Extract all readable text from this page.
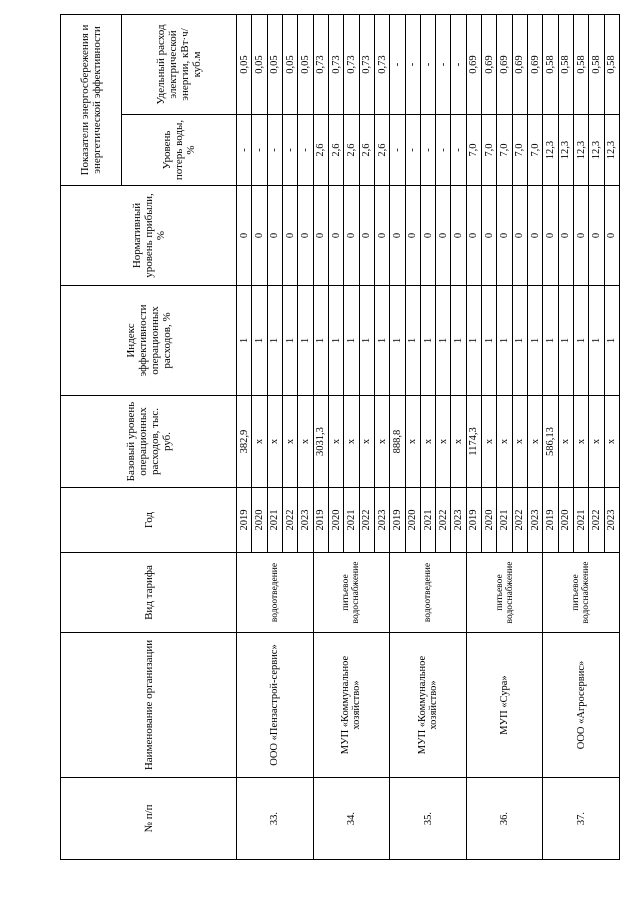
№ п/п	Наименование организации	Вид тарифа	Год	Базовый уровень операционных расходов, тыс. руб.	Индекс эффективности операционных расходов, %	Нормативный уровень прибыли, %	Показатели энергосбережения и энергетической эффективности	
							Уровень потерь воды, %	Удельный расход электрической энергии, кВт·ч/куб.м
33.	ООО «Пензастрой-сервис»	водоотведение	2019	382,9	1	0	-	0,05
			2020	x	1	0	-	0,05
			2021	x	1	0	-	0,05
			2022	x	1	0	-	0,05
			2023	x	1	0	-	0,05
34.	МУП «Коммунальное хозяйство»	питьевое водоснабжение	2019	3031,3	1	0	2,6	0,73
			2020	x	1	0	2,6	0,73
			2021	x	1	0	2,6	0,73
			2022	x	1	0	2,6	0,73
			2023	x	1	0	2,6	0,73
35.	МУП «Коммунальное хозяйство»	водоотведение	2019	888,8	1	0	-	-
			2020	x	1	0	-	-
			2021	x	1	0	-	-
			2022	x	1	0	-	-
			2023	x	1	0	-	-
36.	МУП «Сура»	питьевое водоснабжение	2019	1174,3	1	0	7,0	0,69
			2020	x	1	0	7,0	0,69
			2021	x	1	0	7,0	0,69
			2022	x	1	0	7,0	0,69
			2023	x	1	0	7,0	0,69
37.	ООО «Агросервис»	питьевое водоснабжение	2019	586,13	1	0	12,3	0,58
			2020	x	1	0	12,3	0,58
			2021	x	1	0	12,3	0,58
			2022	x	1	0	12,3	0,58
			2023	x	1	0	12,3	0,58
